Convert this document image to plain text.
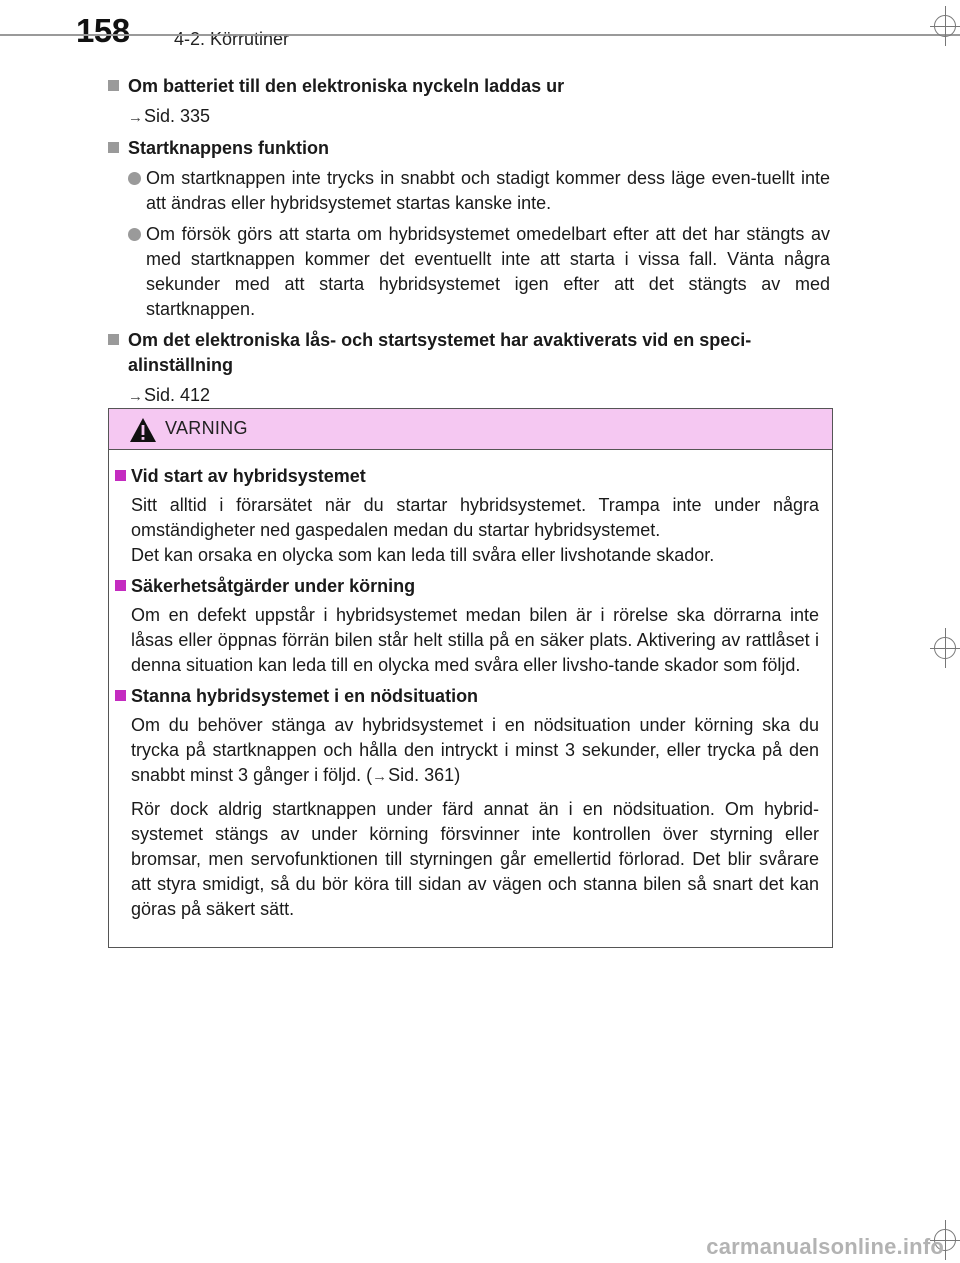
158 4-2. Körrutiner
Om batteriet till den elektroniska nyckeln laddas ur
→Sid. 335
Startknappens funktion
Om startknappen inte trycks in snabbt och stadigt kommer dess läge even-tuellt inte att ändras eller hybridsystemet startas kanske inte.
Om försök görs att starta om hybridsystemet omedelbart efter att det har stängts av med startknappen kommer det eventuellt inte att starta i vissa fall. Vänta några sekunder med att starta hybridsystemet igen efter att det stängts av med startknappen.
Om det elektroniska lås- och startsystemet har avaktiverats vid en speci-alinställning
→Sid. 412
VARNING
Vid start av hybridsystemet
Sitt alltid i förarsätet när du startar hybridsystemet. Trampa inte under några omständigheter ned gaspedalen medan du startar hybridsystemet.
Det kan orsaka en olycka som kan leda till svåra eller livshotande skador.
Säkerhetsåtgärder under körning
Om en defekt uppstår i hybridsystemet medan bilen är i rörelse ska dörrarna inte låsas eller öppnas förrän bilen står helt stilla på en säker plats. Aktivering av rattlåset i denna situation kan leda till en olycka med svåra eller livsho-tande skador som följd.
Stanna hybridsystemet i en nödsituation
Om du behöver stänga av hybridsystemet i en nödsituation under körning ska du trycka på startknappen och hålla den intryckt i minst 3 sekunder, eller trycka på den snabbt minst 3 gånger i följd. (→Sid. 361)
Rör dock aldrig startknappen under färd annat än i en nödsituation. Om hybrid-systemet stängs av under körning försvinner inte kontrollen över styrning eller bromsar, men servofunktionen till styrningen går emellertid förlorad. Det blir svårare att styra smidigt, så du bör köra till sidan av vägen och stanna bilen så snart det kan göras på säkert sätt.
carmanualsonline.info
